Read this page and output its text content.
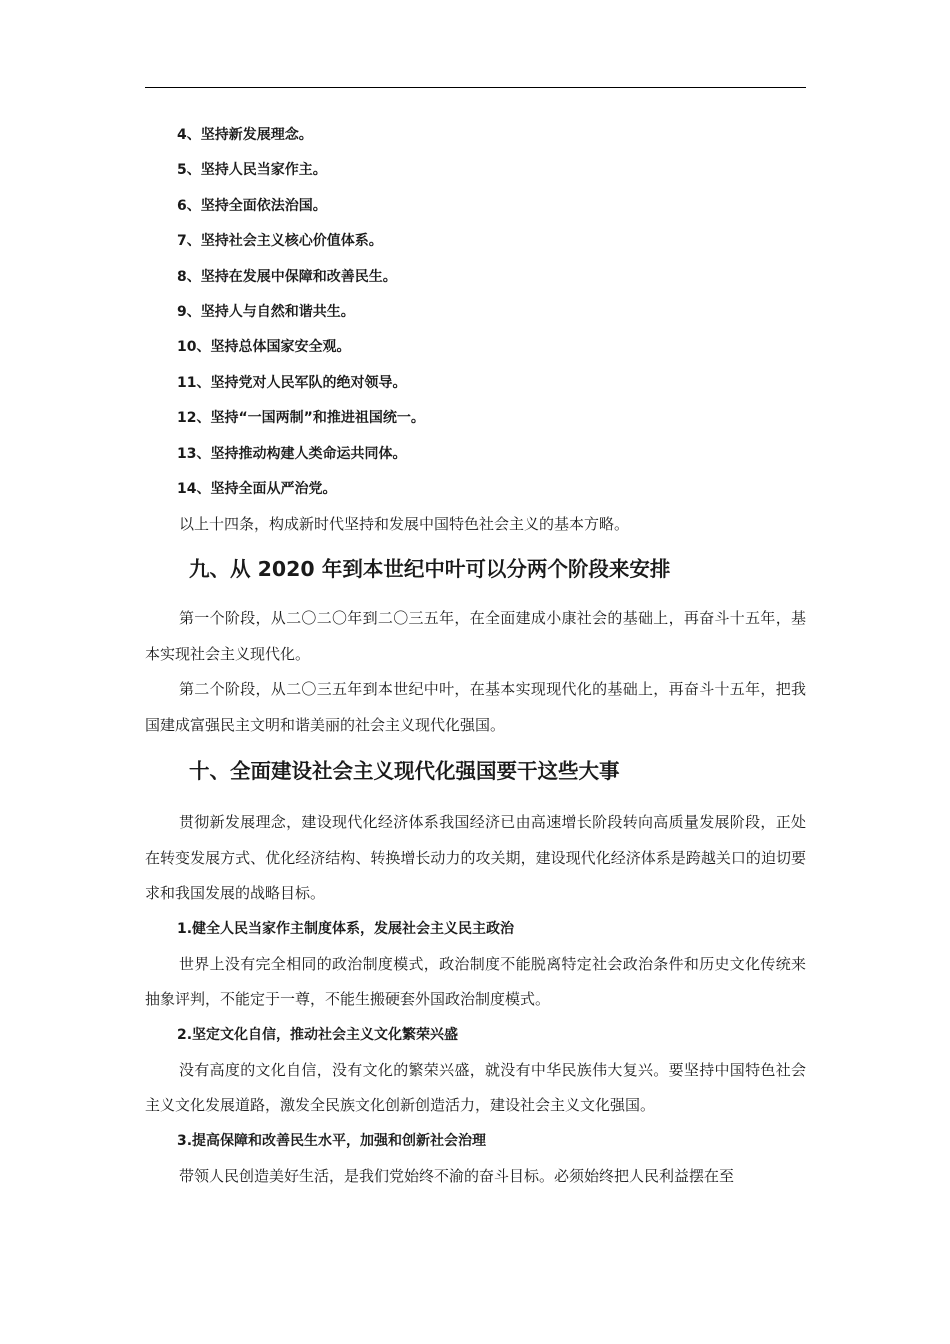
4、坚持新发展理念。
5、坚持人民当家作主。
6、坚持全面依法治国。
7、坚持社会主义核心价值体系。
8、坚持在发展中保障和改善民生。
9、坚持人与自然和谐共生。
10、坚持总体国家安全观。
11、坚持党对人民军队的绝对领导。
12、坚持“一国两制”和推进祖国统一。
13、坚持推动构建人类命运共同体。
14、坚持全面从严治党。

以上十四条，构成新时代坚持和发展中国特色社会主义的基本方略。

九、从 2020 年到本世纪中叶可以分两个阶段来安排

第一个阶段，从二〇二〇年到二〇三五年，在全面建成小康社会的基础上，再奋斗十五年，基本实现社会主义现代化。

第二个阶段，从二〇三五年到本世纪中叶，在基本实现现代化的基础上，再奋斗十五年，把我国建成富强民主文明和谐美丽的社会主义现代化强国。

十、全面建设社会主义现代化强国要干这些大事

贯彻新发展理念，建设现代化经济体系我国经济已由高速增长阶段转向高质量发展阶段，正处在转变发展方式、优化经济结构、转换增长动力的攻关期，建设现代化经济体系是跨越关口的迫切要求和我国发展的战略目标。

1.健全人民当家作主制度体系，发展社会主义民主政治

世界上没有完全相同的政治制度模式，政治制度不能脱离特定社会政治条件和历史文化传统来抽象评判，不能定于一尊，不能生搬硬套外国政治制度模式。

2.坚定文化自信，推动社会主义文化繁荣兴盛

没有高度的文化自信，没有文化的繁荣兴盛，就没有中华民族伟大复兴。要坚持中国特色社会主义文化发展道路，激发全民族文化创新创造活力，建设社会主义文化强国。

3.提高保障和改善民生水平，加强和创新社会治理

带领人民创造美好生活，是我们党始终不渝的奋斗目标。必须始终把人民利益摆在至
